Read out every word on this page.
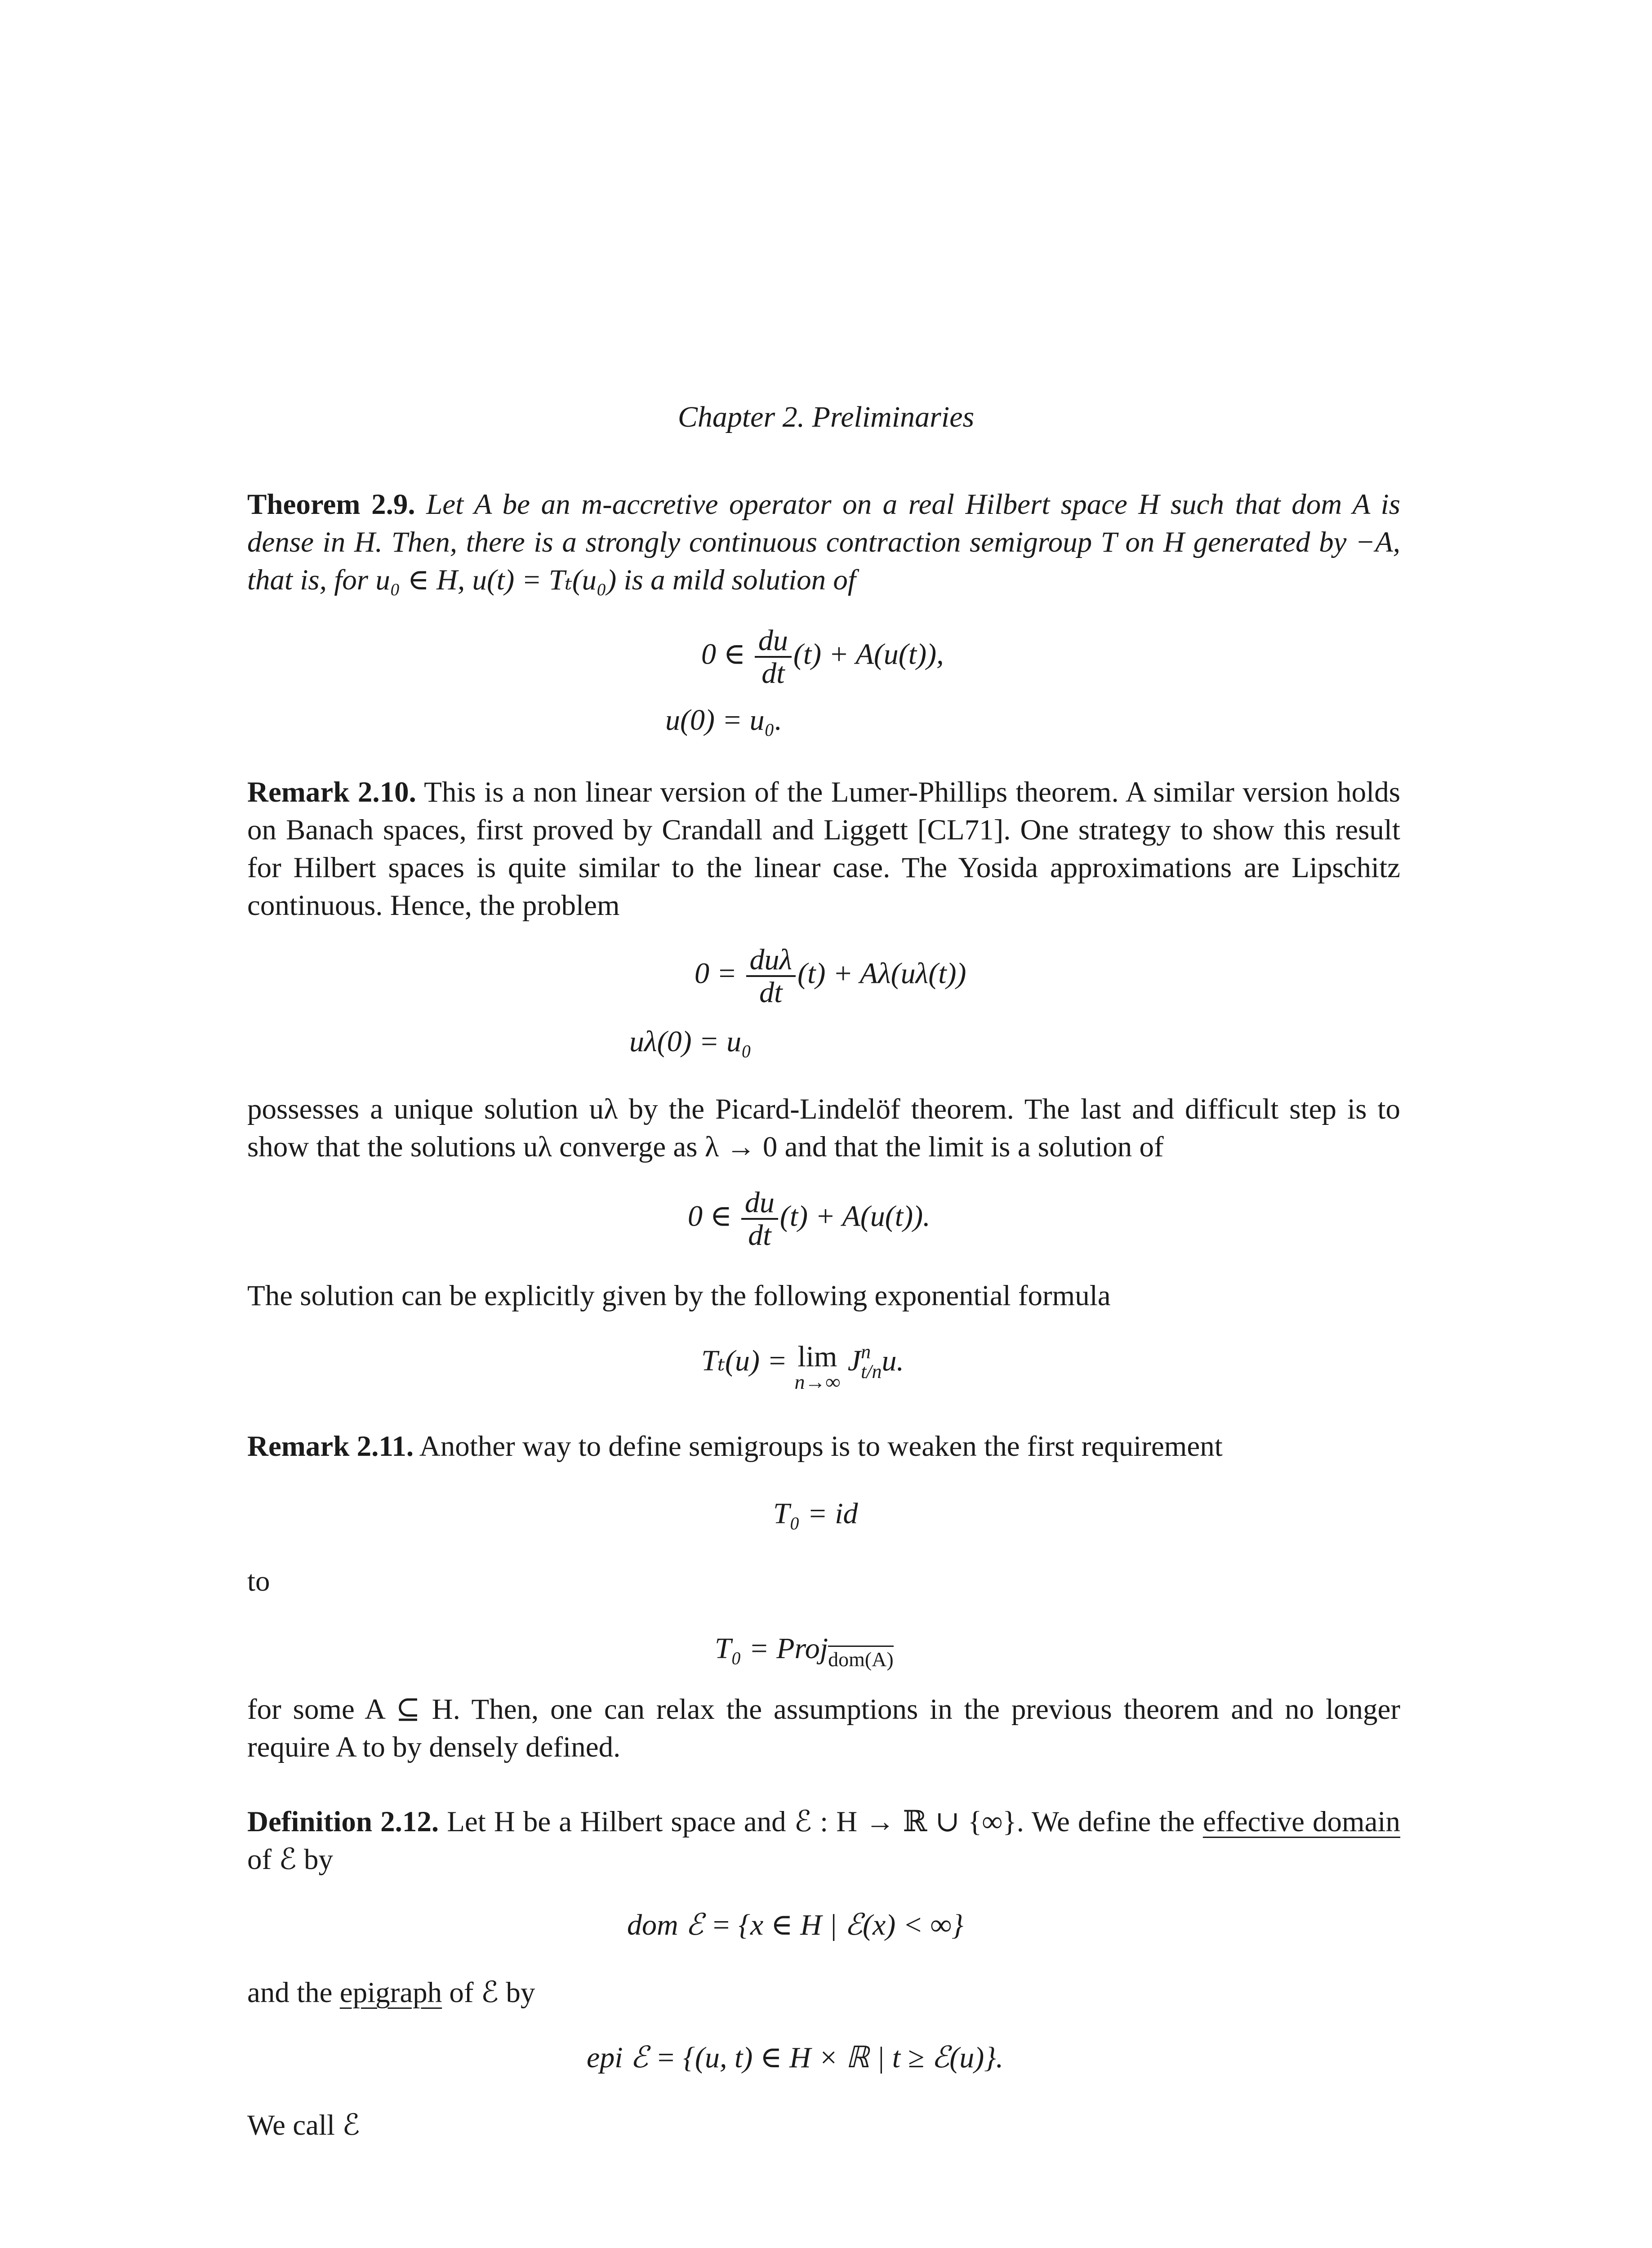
Chapter 2. Preliminaries

Theorem 2.9. Let A be an m-accretive operator on a real Hilbert space H such that dom A is dense in H. Then, there is a strongly continuous contraction semigroup T on H generated by −A, that is, for u₀ ∈ H, u(t) = Tₜ(u₀) is a mild solution of

0 ∈ $\frac{du}{dt} (t) + A(u(t))$,
u(0) = u₀.

Remark 2.10. This is a non linear version of the Lumer-Phillips theorem. A similar version holds on Banach spaces, first proved by Crandall and Liggett [CL71]. One strategy to show this result for Hilbert spaces is quite similar to the linear case. The Yosida approximations are Lipschitz continuous. Hence, the problem

$0 = \frac{\text{duλ}}{dt} (t) + A\lambda(u\lambda(t))$
uλ(0) = u₀

possesses a unique solution uλ by the Picard-Lindelöf theorem. The last and difficult step is to show that the solutions uλ converge as λ → 0 and that the limit is a solution of

0 ∈ $\frac{du}{dt} (t) + A(u(t))$.

The solution can be explicitly given by the following exponential formula

Tₜ(u) = lim
n→∞
J n
t/n u.

Remark 2.11. Another way to define semigroups is to weaken the first requirement

T₀ = id

to

T₀ = Proj$_{dom(A)}$

for some A ⊆ H. Then, one can relax the assumptions in the previous theorem and no longer require A to by densely defined.

Definition 2.12. Let H be a Hilbert space and ℰ : H → ℝ ∪ {∞}. We define the effective domain of ℰ by

dom ℰ = {x ∈ H | ℰ(x) < ∞}

and the epigraph of ℰ by

epi ℰ = {(u, t) ∈ H × ℝ | t ≥ ℰ(u)}.

We call ℰ
